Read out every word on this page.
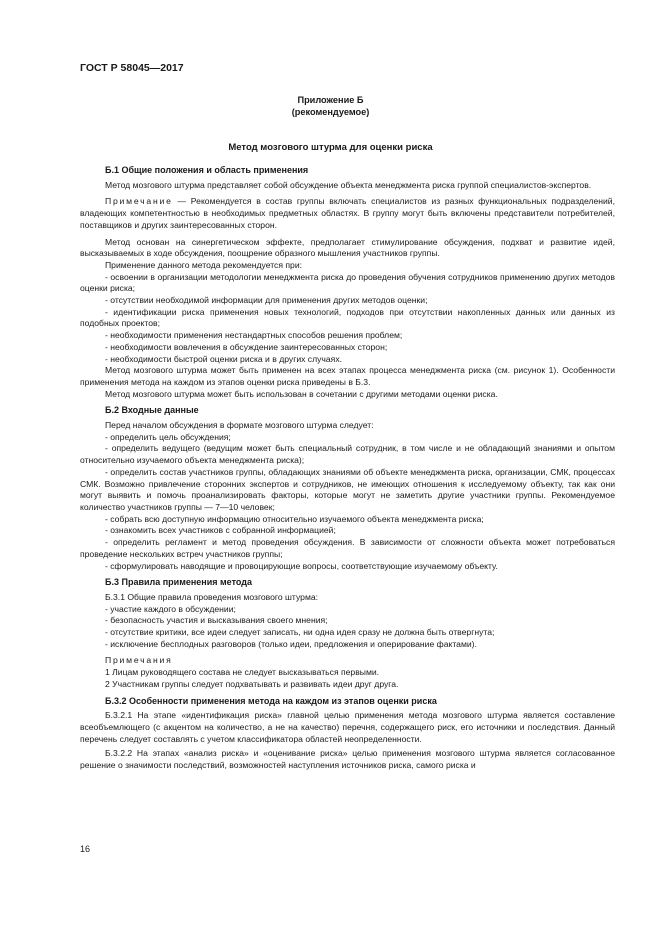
ГОСТ Р 58045—2017
Приложение Б
(рекомендуемое)
Метод мозгового штурма для оценки риска

Б.1 Общие положения и область применения

Метод мозгового штурма представляет собой обсуждение объекта менеджмента риска группой специалистов-экспертов.

Примечание — Рекомендуется в состав группы включать специалистов из разных функциональных подразделений, владеющих компетентностью в необходимых предметных областях. В группу могут быть включены представители потребителей, поставщиков и других заинтересованных сторон.

Метод основан на синергетическом эффекте, предполагает стимулирование обсуждения, подхват и развитие идей, высказываемых в ходе обсуждения, поощрение образного мышления участников группы.

Применение данного метода рекомендуется при:

- освоении в организации методологии менеджмента риска до проведения обучения сотрудников применению других методов оценки риска;

- отсутствии необходимой информации для применения других методов оценки;

- идентификации риска применения новых технологий, подходов при отсутствии накопленных данных или данных из подобных проектов;

- необходимости применения нестандартных способов решения проблем;

- необходимости вовлечения в обсуждение заинтересованных сторон;

- необходимости быстрой оценки риска и в других случаях.

Метод мозгового штурма может быть применен на всех этапах процесса менеджмента риска (см. рисунок 1). Особенности применения метода на каждом из этапов оценки риска приведены в Б.3.

Метод мозгового штурма может быть использован в сочетании с другими методами оценки риска.

Б.2 Входные данные

Перед началом обсуждения в формате мозгового штурма следует:

- определить цель обсуждения;

- определить ведущего (ведущим может быть специальный сотрудник, в том числе и не обладающий знаниями и опытом относительно изучаемого объекта менеджмента риска);

- определить состав участников группы, обладающих знаниями об объекте менеджмента риска, организации, СМК, процессах СМК. Возможно привлечение сторонних экспертов и сотрудников, не имеющих отношения к исследуемому объекту, так как они могут выявить и помочь проанализировать факторы, которые могут не заметить другие участники группы. Рекомендуемое количество участников группы — 7—10 человек;

- собрать всю доступную информацию относительно изучаемого объекта менеджмента риска;

- ознакомить всех участников с собранной информацией;

- определить регламент и метод проведения обсуждения. В зависимости от сложности объекта может потребоваться проведение нескольких встреч участников группы;

- сформулировать наводящие и провоцирующие вопросы, соответствующие изучаемому объекту.

Б.3 Правила применения метода

Б.3.1 Общие правила проведения мозгового штурма:

- участие каждого в обсуждении;

- безопасность участия и высказывания своего мнения;

- отсутствие критики, все идеи следует записать, ни одна идея сразу не должна быть отвергнута;

- исключение бесплодных разговоров (только идеи, предложения и оперирование фактами).

Примечания

1 Лицам руководящего состава не следует высказываться первыми.

2 Участникам группы следует подхватывать и развивать идеи друг друга.

Б.3.2 Особенности применения метода на каждом из этапов оценки риска

Б.3.2.1 На этапе «идентификация риска» главной целью применения метода мозгового штурма является составление всеобъемлющего (с акцентом на количество, а не на качество) перечня, содержащего риск, его источники и последствия. Данный перечень следует составлять с учетом классификатора областей неопределенности.

Б.3.2.2 На этапах «анализ риска» и «оценивание риска» целью применения мозгового штурма является согласованное решение о значимости последствий, возможностей наступления источников риска, самого риска и

16
